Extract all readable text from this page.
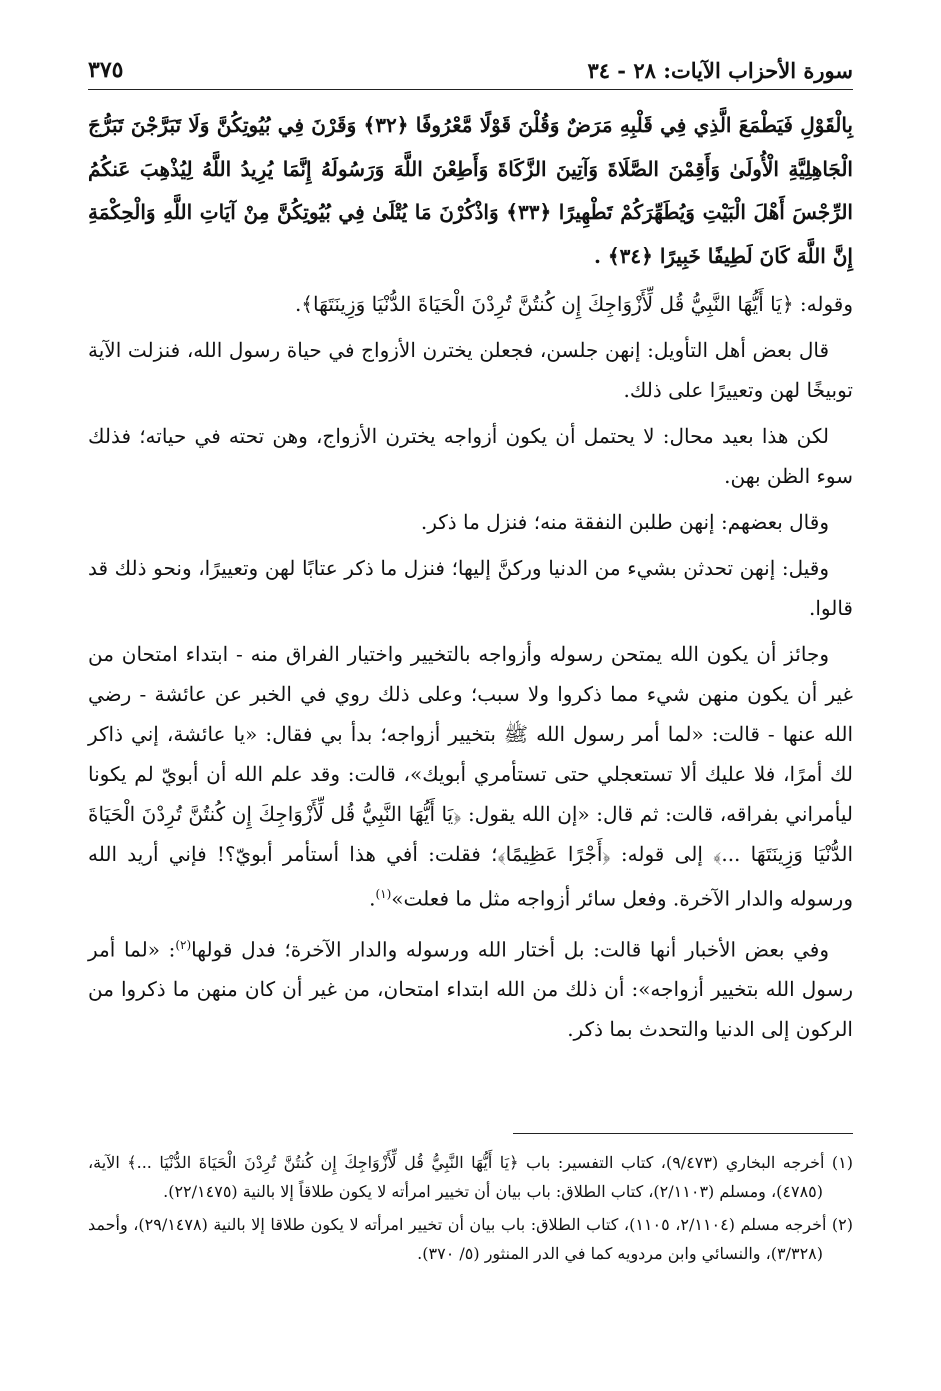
سورة الأحزاب الآيات: ٢٨ - ٣٤
٣٧٥

بِالْقَوْلِ فَيَطْمَعَ الَّذِي فِي قَلْبِهِ مَرَضٌ وَقُلْنَ قَوْلًا مَّعْرُوفًا ﴿٣٢﴾ وَقَرْنَ فِي بُيُوتِكُنَّ وَلَا تَبَرَّجْنَ تَبَرُّجَ الْجَاهِلِيَّةِ الْأُولَىٰ وَأَقِمْنَ الصَّلَاةَ وَآتِينَ الزَّكَاةَ وَأَطِعْنَ اللَّهَ وَرَسُولَهُ إِنَّمَا يُرِيدُ اللَّهُ لِيُذْهِبَ عَنكُمُ الرِّجْسَ أَهْلَ الْبَيْتِ وَيُطَهِّرَكُمْ تَطْهِيرًا ﴿٣٣﴾ وَاذْكُرْنَ مَا يُتْلَىٰ فِي بُيُوتِكُنَّ مِنْ آيَاتِ اللَّهِ وَالْحِكْمَةِ إِنَّ اللَّهَ كَانَ لَطِيفًا خَبِيرًا ﴿٣٤﴾ .

وقوله: ﴿يَا أَيُّهَا النَّبِيُّ قُل لِّأَزْوَاجِكَ إِن كُنتُنَّ تُرِدْنَ الْحَيَاةَ الدُّنْيَا وَزِينَتَهَا﴾.

قال بعض أهل التأويل: إنهن جلسن، فجعلن يخترن الأزواج في حياة رسول الله، فنزلت الآية توبيخًا لهن وتعييرًا على ذلك.

لكن هذا بعيد محال: لا يحتمل أن يكون أزواجه يخترن الأزواج، وهن تحته في حياته؛ فذلك سوء الظن بهن.

وقال بعضهم: إنهن طلبن النفقة منه؛ فنزل ما ذكر.

وقيل: إنهن تحدثن بشيء من الدنيا وركنَّ إليها؛ فنزل ما ذكر عتابًا لهن وتعييرًا، ونحو ذلك قد قالوا.

وجائز أن يكون الله يمتحن رسوله وأزواجه بالتخيير واختيار الفراق منه - ابتداء امتحان من غير أن يكون منهن شيء مما ذكروا ولا سبب؛ وعلى ذلك روي في الخبر عن عائشة - رضي الله عنها - قالت: «لما أمر رسول الله ﷺ بتخيير أزواجه؛ بدأ بي فقال: «يا عائشة، إني ذاكر لك أمرًا، فلا عليك ألا تستعجلي حتى تستأمري أبويك»، قالت: وقد علم الله أن أبويّ لم يكونا ليأمراني بفراقه، قالت: ثم قال: «إن الله يقول: ﴿يَا أَيُّهَا النَّبِيُّ قُل لِّأَزْوَاجِكَ إِن كُنتُنَّ تُرِدْنَ الْحَيَاةَ الدُّنْيَا وَزِينَتَهَا ...﴾ إلى قوله: ﴿أَجْرًا عَظِيمًا﴾؛ فقلت: أفي هذا أستأمر أبويّ؟! فإني أريد الله ورسوله والدار الآخرة. وفعل سائر أزواجه مثل ما فعلت»$^{(١)}$.

وفي بعض الأخبار أنها قالت: بل أختار الله ورسوله والدار الآخرة؛ فدل قولها$^{(٢)}$: «لما أمر رسول الله بتخيير أزواجه»: أن ذلك من الله ابتداء امتحان، من غير أن كان منهن ما ذكروا من الركون إلى الدنيا والتحدث بما ذكر.

(١) أخرجه البخاري (٩/٤٧٣)، كتاب التفسير: باب ﴿يَا أَيُّهَا النَّبِيُّ قُل لِّأَزْوَاجِكَ إِن كُنتُنَّ تُرِدْنَ الْحَيَاةَ الدُّنْيَا ...﴾ الآية، (٤٧٨٥)، ومسلم (٢/١١٠٣)، كتاب الطلاق: باب بيان أن تخيير امرأته لا يكون طلاقاً إلا بالنية (٢٢/١٤٧٥).

(٢) أخرجه مسلم (٢/١١٠٤، ١١٠٥)، كتاب الطلاق: باب بيان أن تخيير امرأته لا يكون طلاقا إلا بالنية (٢٩/١٤٧٨)، وأحمد (٣/٣٢٨)، والنسائي وابن مردويه كما في الدر المنثور (٥/ ٣٧٠).
